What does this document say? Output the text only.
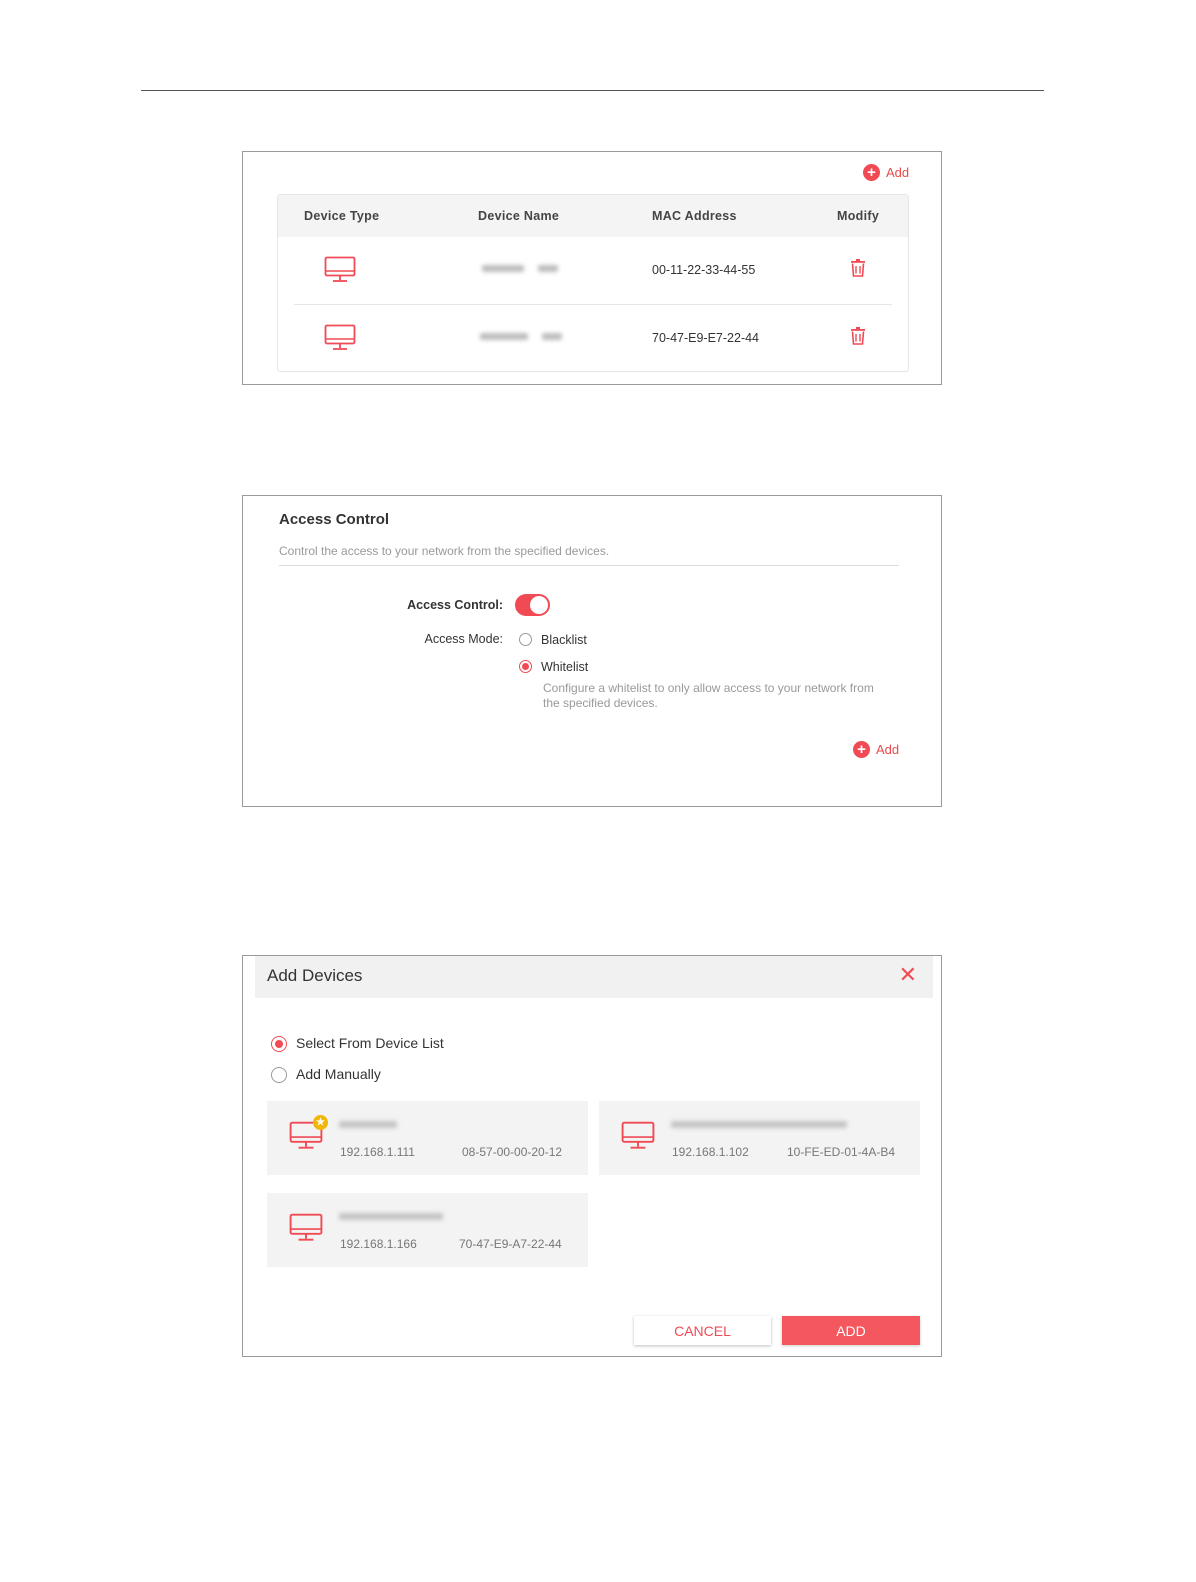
+ Add
Device Type	Device Name	MAC Address	Modify
00-11-22-33-44-55
70-47-E9-E7-22-44
Access Control
Control the access to your network from the specified devices.
Access Control:
Access Mode:	Blacklist
Whitelist
Configure a whitelist to only allow access to your network from the specified devices.
+ Add
Add Devices	✕
Select From Device List
Add Manually
★
192.168.1.111	08-57-00-00-20-12	192.168.1.102	10-FE-ED-01-4A-B4
192.168.1.166	70-47-E9-A7-22-44
CANCEL	ADD
